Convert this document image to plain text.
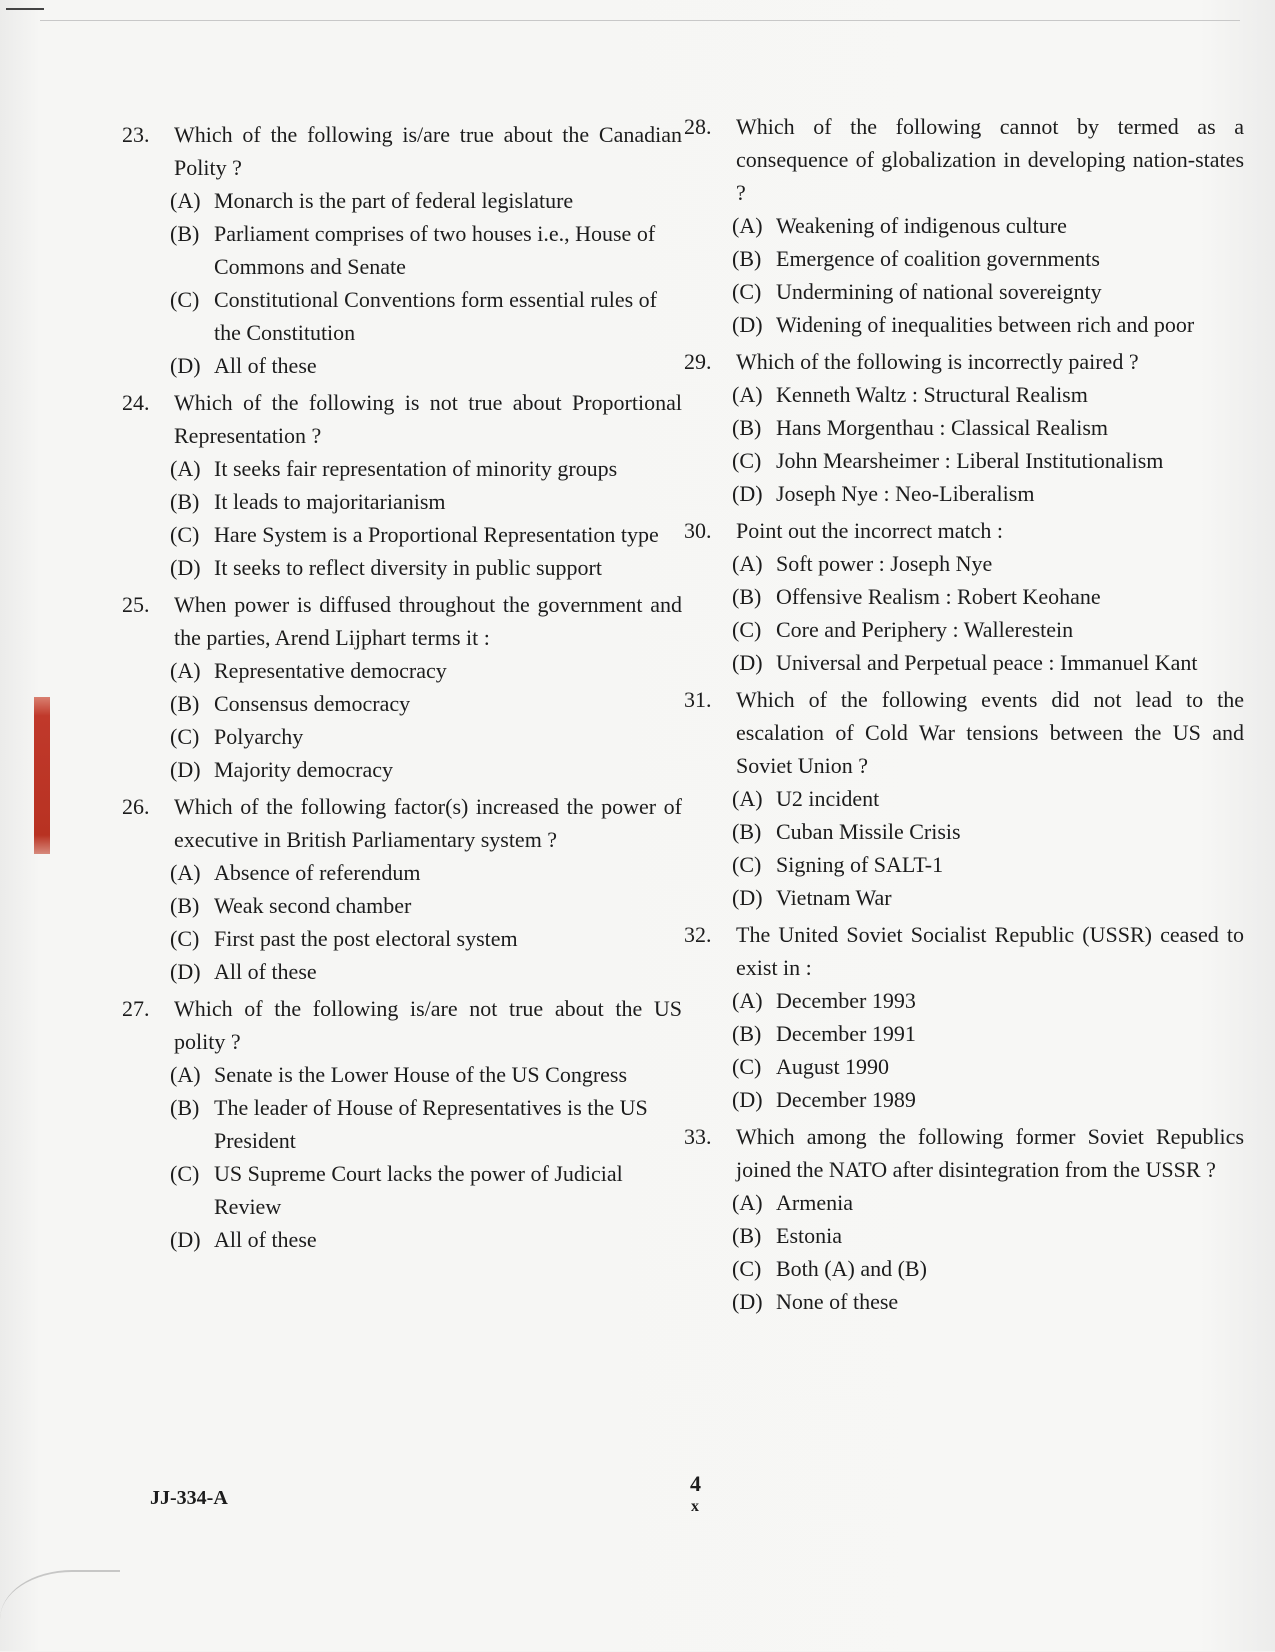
23.	Which of the following is/are true about the Canadian Polity ?
(A) Monarch is the part of federal legislature
(B) Parliament comprises of two houses i.e., House of Commons and Senate
(C) Constitutional Conventions form essential rules of the Constitution
(D) All of these
24.	Which of the following is not true about Proportional Representation ?
(A) It seeks fair representation of minority groups
(B) It leads to majoritarianism
(C) Hare System is a Proportional Representation type
(D) It seeks to reflect diversity in public support
25.	When power is diffused throughout the government and the parties, Arend Lijphart terms it :
(A) Representative democracy
(B) Consensus democracy
(C) Polyarchy
(D) Majority democracy
26.	Which of the following factor(s) increased the power of executive in British Parliamentary system ?
(A) Absence of referendum
(B) Weak second chamber
(C) First past the post electoral system
(D) All of these
27.	Which of the following is/are not true about the US polity ?
(A) Senate is the Lower House of the US Congress
(B) The leader of House of Representatives is the US President
(C) US Supreme Court lacks the power of Judicial Review
(D) All of these
28.	Which of the following cannot by termed as a consequence of globalization in developing nation-states ?
(A) Weakening of indigenous culture
(B) Emergence of coalition governments
(C) Undermining of national sovereignty
(D) Widening of inequalities between rich and poor
29.	Which of the following is incorrectly paired ?
(A) Kenneth Waltz : Structural Realism
(B) Hans Morgenthau : Classical Realism
(C) John Mearsheimer : Liberal Institutionalism
(D) Joseph Nye : Neo-Liberalism
30.	Point out the incorrect match :
(A) Soft power : Joseph Nye
(B) Offensive Realism : Robert Keohane
(C) Core and Periphery : Wallerestein
(D) Universal and Perpetual peace : Immanuel Kant
31.	Which of the following events did not lead to the escalation of Cold War tensions between the US and Soviet Union ?
(A) U2 incident
(B) Cuban Missile Crisis
(C) Signing of SALT-1
(D) Vietnam War
32.	The United Soviet Socialist Republic (USSR) ceased to exist in :
(A) December 1993
(B) December 1991
(C) August 1990
(D) December 1989
33.	Which among the following former Soviet Republics joined the NATO after disintegration from the USSR ?
(A) Armenia
(B) Estonia
(C) Both (A) and (B)
(D) None of these
JJ-334-A
4
x
